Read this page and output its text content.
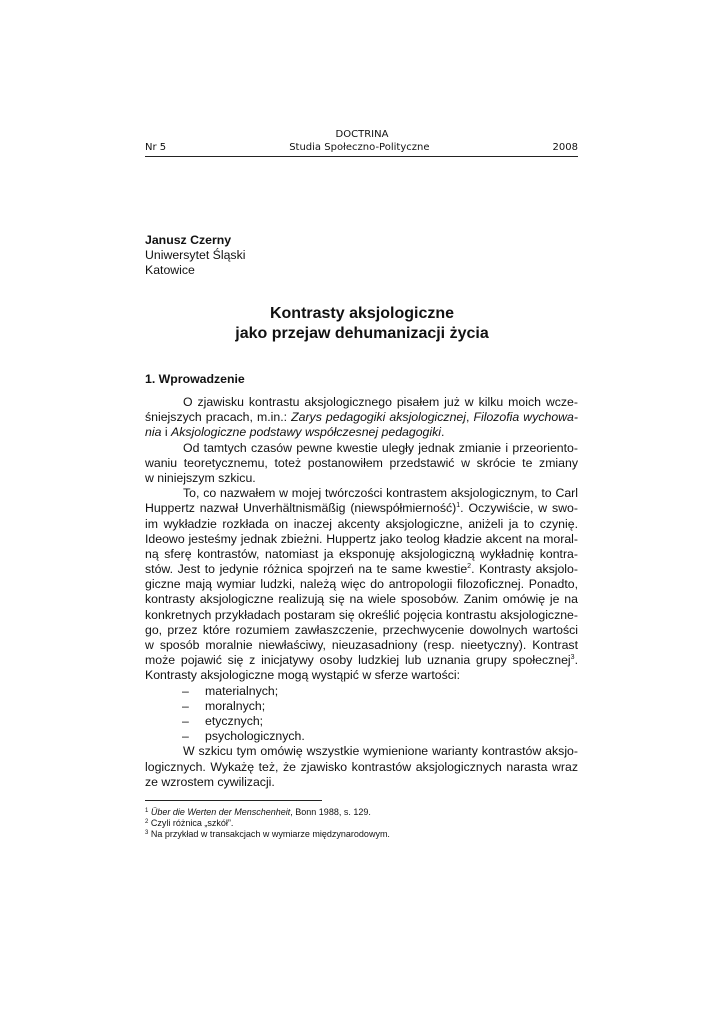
DOCTRINA
Nr 5	Studia Społeczno-Polityczne	2008
Janusz Czerny
Uniwersytet Śląski
Katowice
Kontrasty aksjologiczne
jako przejaw dehumanizacji życia
1. Wprowadzenie
O zjawisku kontrastu aksjologicznego pisałem już w kilku moich wcze-
śniejszych pracach, m.in.: Zarys pedagogiki aksjologicznej, Filozofia wychowa-
nia i Aksjologiczne podstawy współczesnej pedagogiki.
Od tamtych czasów pewne kwestie uległy jednak zmianie i przeoriento-
waniu teoretycznemu, toteż postanowiłem przedstawić w skrócie te zmiany
w niniejszym szkicu.
To, co nazwałem w mojej twórczości kontrastem aksjologicznym, to Carl
Huppertz nazwał Unverhältnismäßig (niewspółmierność)$^1$. Oczywiście, w swo-
im wykładzie rozkłada on inaczej akcenty aksjologiczne, aniżeli ja to czynię.
Ideowo jesteśmy jednak zbieżni. Huppertz jako teolog kładzie akcent na moral-
ną sferę kontrastów, natomiast ja eksponuję aksjologiczną wykładnię kontra-
stów. Jest to jedynie różnica spojrzeń na te same kwestie$^2$. Kontrasty aksjolo-
giczne mają wymiar ludzki, należą więc do antropologii filozoficznej. Ponadto,
kontrasty aksjologiczne realizują się na wiele sposobów. Zanim omówię je na
konkretnych przykładach postaram się określić pojęcia kontrastu aksjologiczne-
go, przez które rozumiem zawłaszczenie, przechwycenie dowolnych wartości
w sposób moralnie niewłaściwy, nieuzasadniony (resp. nieetyczny). Kontrast
może pojawić się z inicjatywy osoby ludzkiej lub uznania grupy społecznej$^3$.
Kontrasty aksjologiczne mogą wystąpić w sferze wartości:
– materialnych;
– moralnych;
– etycznych;
– psychologicznych.
W szkicu tym omówię wszystkie wymienione warianty kontrastów aksjo-
logicznych. Wykażę też, że zjawisko kontrastów aksjologicznych narasta wraz
ze wzrostem cywilizacji.
$^1$ Über die Werten der Menschenheit, Bonn 1988, s. 129.
$^2$ Czyli różnica „szkół”.
$^3$ Na przykład w transakcjach w wymiarze międzynarodowym.
